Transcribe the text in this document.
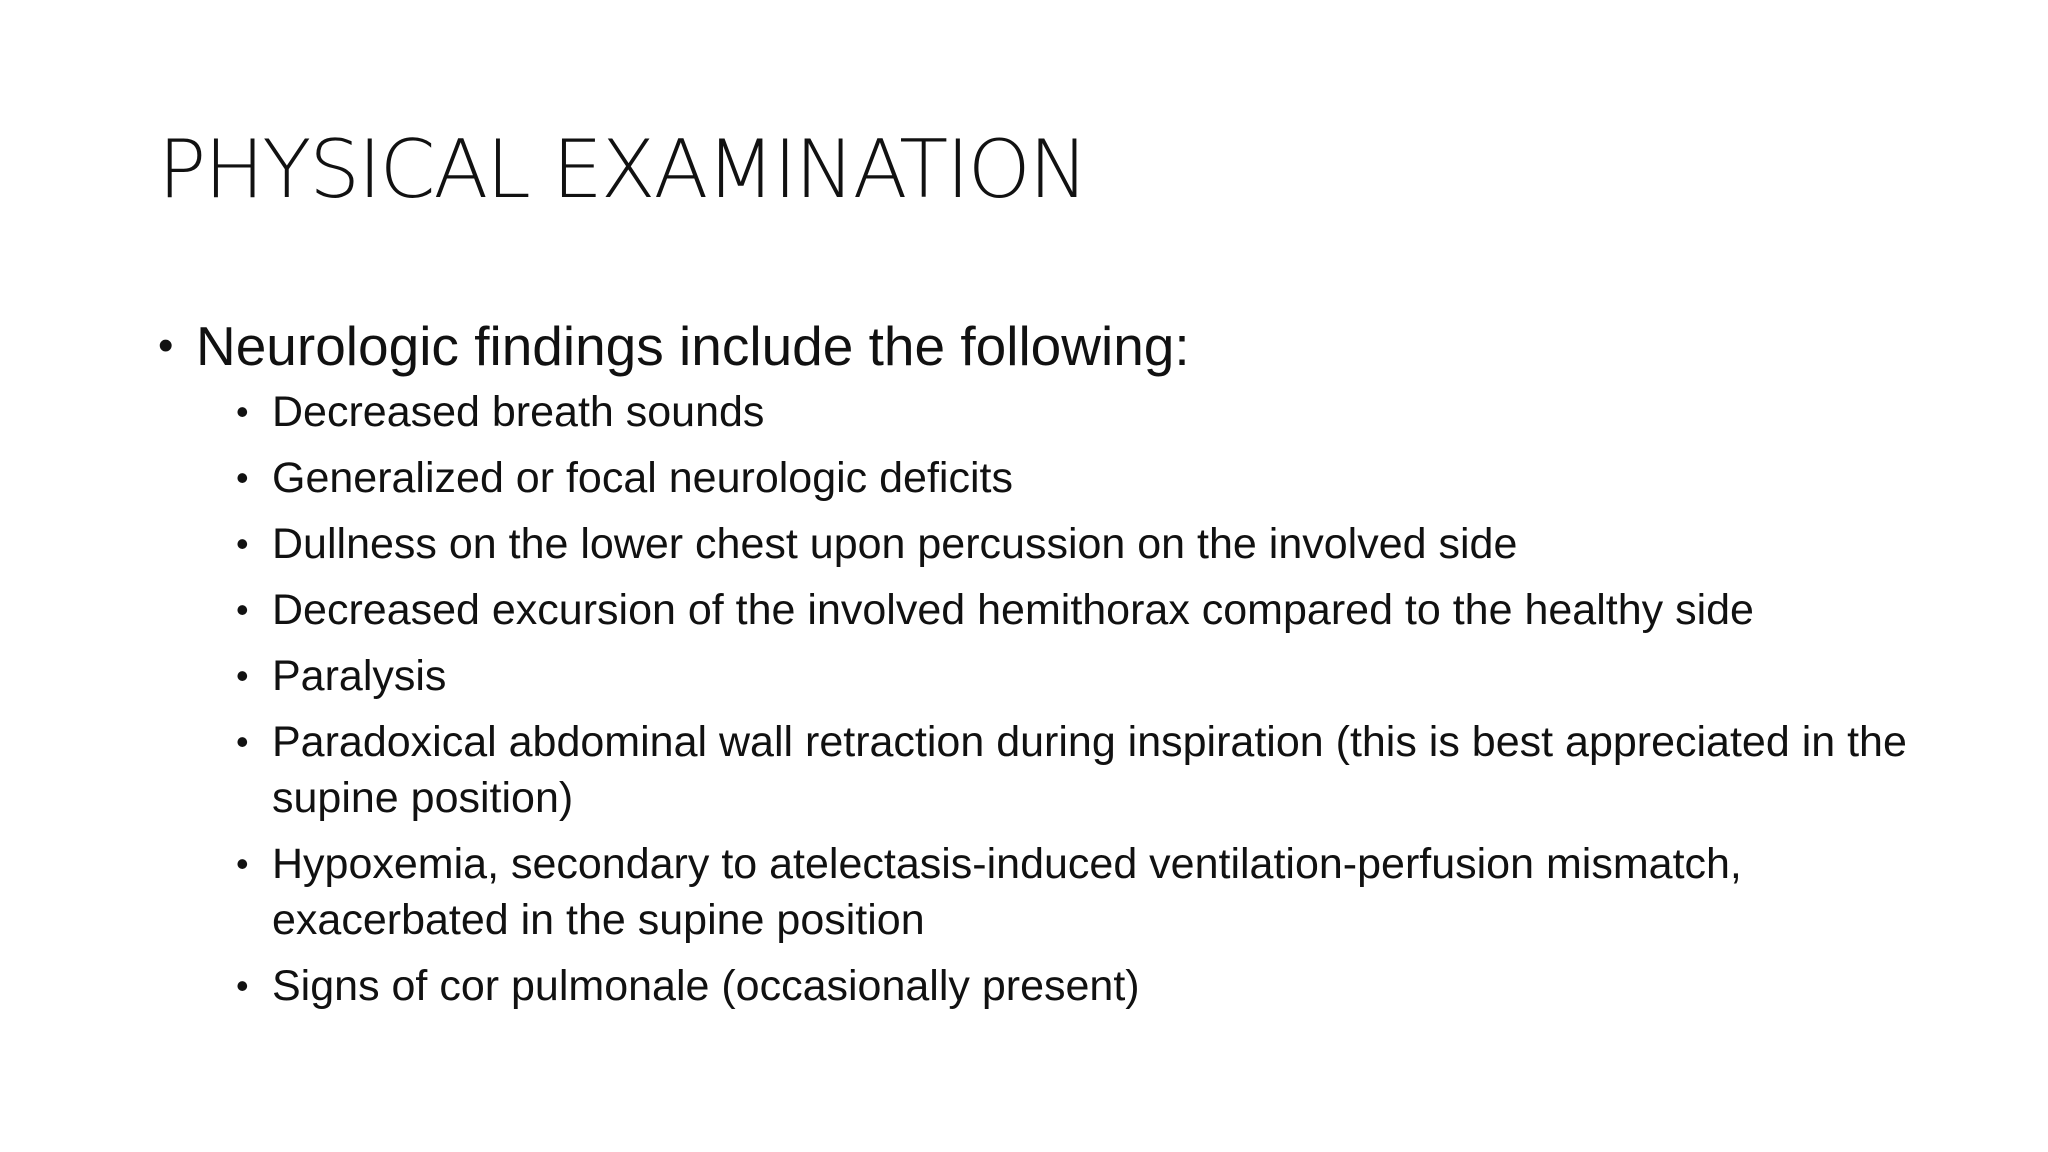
PHYSICAL EXAMINATION
• Neurologic findings include the following:
• Decreased breath sounds
• Generalized or focal neurologic deficits
• Dullness on the lower chest upon percussion on the involved side
• Decreased excursion of the involved hemithorax compared to the healthy side
• Paralysis
• Paradoxical abdominal wall retraction during inspiration (this is best appreciated in the supine position)
• Hypoxemia, secondary to atelectasis-induced ventilation-perfusion mismatch, exacerbated in the supine position
• Signs of cor pulmonale (occasionally present)
